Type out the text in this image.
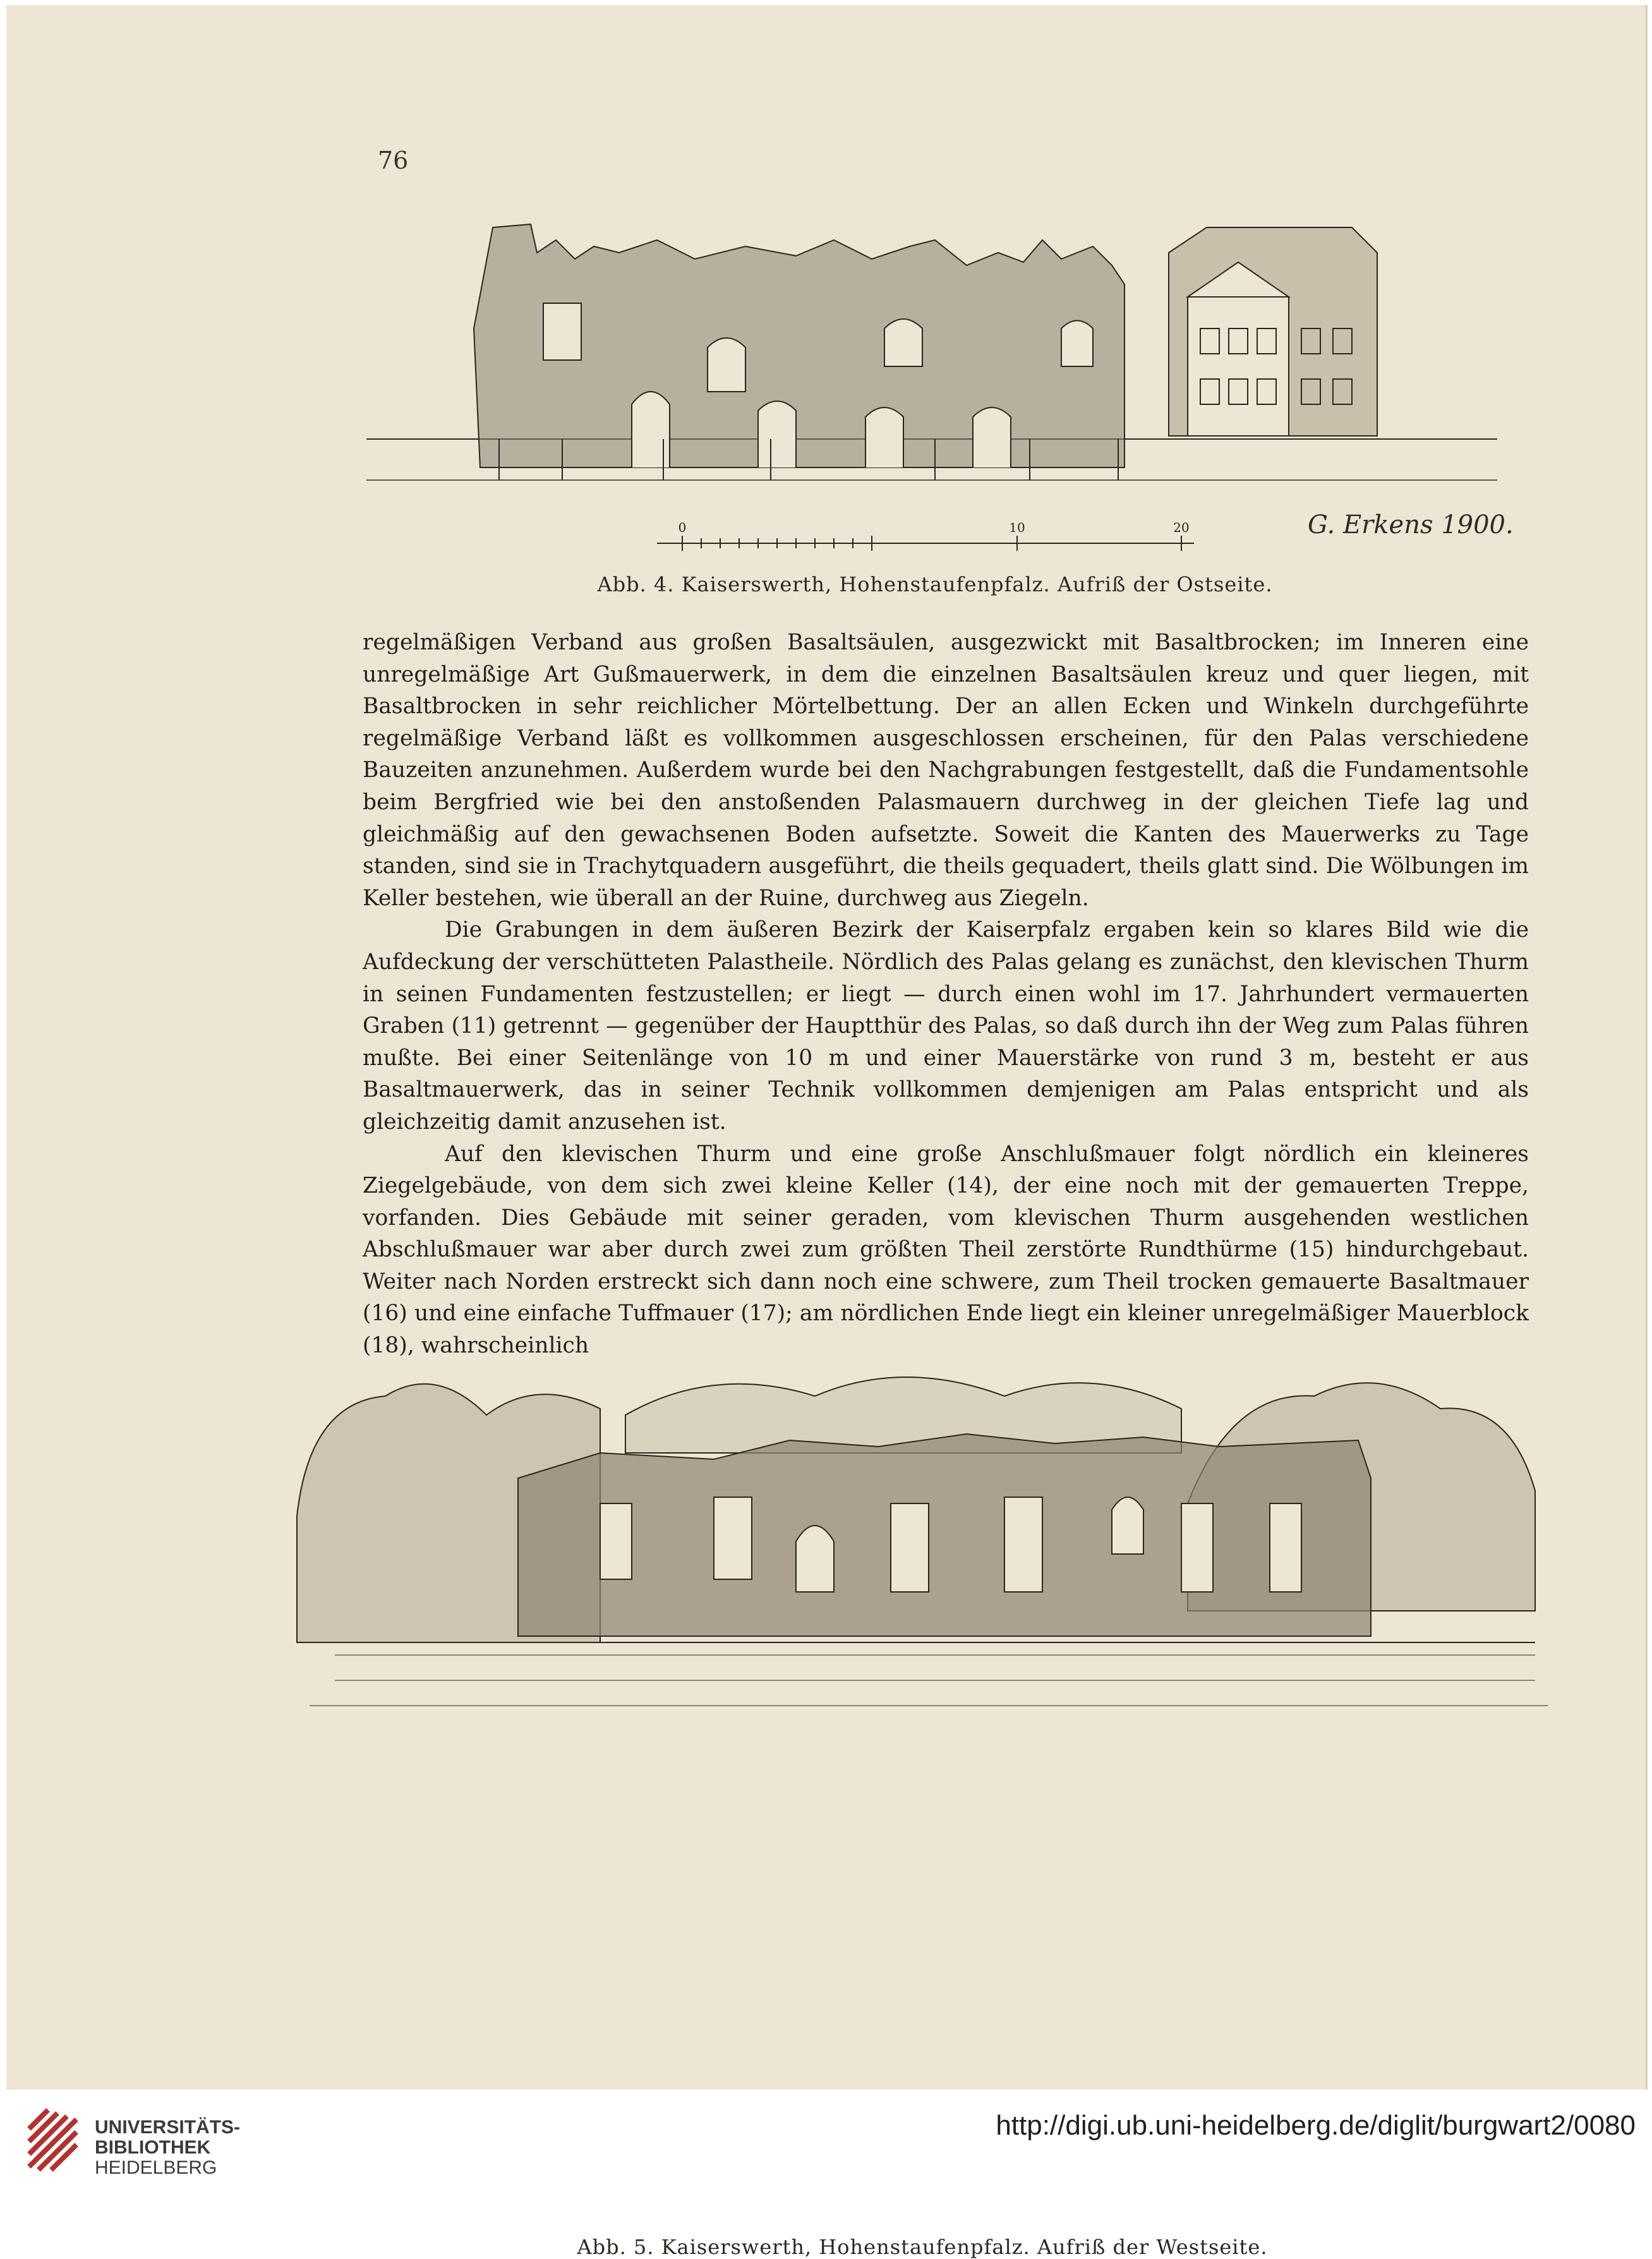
76
0	10	20	G. Erkens 1900.
Abb. 4. Kaiserswerth, Hohenstaufenpfalz. Aufriß der Ostseite.

regelmäßigen Verband aus großen Basaltsäulen, ausgezwickt mit Basaltbrocken; im Inneren eine unregelmäßige Art Gußmauerwerk, in dem die einzelnen Basaltsäulen kreuz und quer liegen, mit Basaltbrocken in sehr reichlicher Mörtelbettung. Der an allen Ecken und Winkeln durchgeführte regelmäßige Verband läßt es vollkommen ausgeschlossen erscheinen, für den Palas verschiedene Bauzeiten anzunehmen. Außerdem wurde bei den Nachgrabungen festgestellt, daß die Fundamentsohle beim Bergfried wie bei den anstoßenden Palasmauern durchweg in der gleichen Tiefe lag und gleichmäßig auf den gewachsenen Boden aufsetzte. Soweit die Kanten des Mauerwerks zu Tage standen, sind sie in Trachytquadern ausgeführt, die theils gequadert, theils glatt sind. Die Wölbungen im Keller bestehen, wie überall an der Ruine, durchweg aus Ziegeln.

Die Grabungen in dem äußeren Bezirk der Kaiserpfalz ergaben kein so klares Bild wie die Aufdeckung der verschütteten Palastheile. Nördlich des Palas gelang es zunächst, den klevischen Thurm in seinen Fundamenten festzustellen; er liegt — durch einen wohl im 17. Jahrhundert vermauerten Graben (11) getrennt — gegenüber der Hauptthür des Palas, so daß durch ihn der Weg zum Palas führen mußte. Bei einer Seitenlänge von 10 m und einer Mauerstärke von rund 3 m, besteht er aus Basaltmauerwerk, das in seiner Technik vollkommen demjenigen am Palas entspricht und als gleichzeitig damit anzusehen ist.

Auf den klevischen Thurm und eine große Anschlußmauer folgt nördlich ein kleineres Ziegelgebäude, von dem sich zwei kleine Keller (14), der eine noch mit der gemauerten Treppe, vorfanden. Dies Gebäude mit seiner geraden, vom klevischen Thurm ausgehenden westlichen Abschlußmauer war aber durch zwei zum größten Theil zerstörte Rundthürme (15) hindurchgebaut. Weiter nach Norden erstreckt sich dann noch eine schwere, zum Theil trocken gemauerte Basaltmauer (16) und eine einfache Tuffmauer (17); am nördlichen Ende liegt ein kleiner unregelmäßiger Mauerblock (18), wahrscheinlich

Abb. 5. Kaiserswerth, Hohenstaufenpfalz. Aufriß der Westseite.
UNIVERSITÄTS-
BIBLIOTHEK
HEIDELBERG
http://digi.ub.uni-heidelberg.de/diglit/burgwart2/0080
